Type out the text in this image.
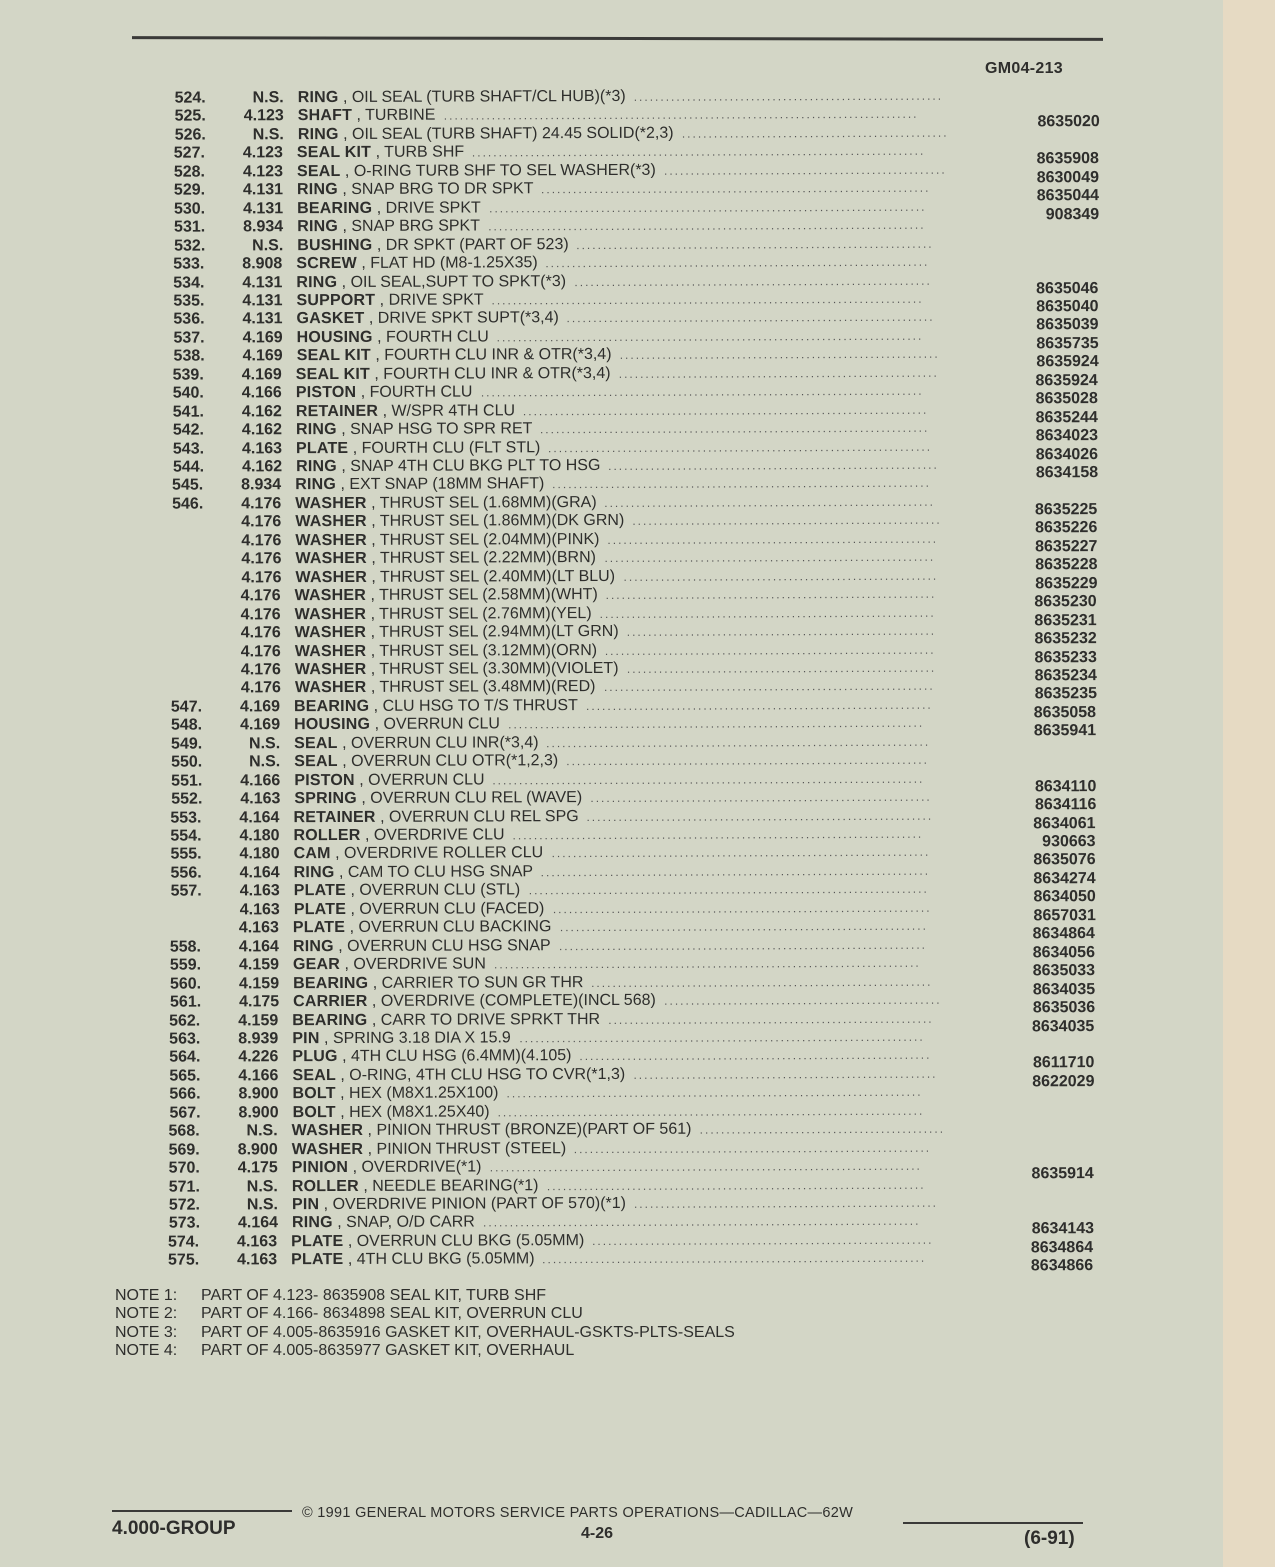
GM04-213
524.	N.S. RING , OIL SEAL (TURB SHAFT/CL HUB)(*3) ..........................................................
525.	4.123 SHAFT , TURBINE .........................................................................................	8635020
526.	N.S. RING , OIL SEAL (TURB SHAFT) 24.45 SOLID(*2,3) ..................................................
527.	4.123 SEAL KIT , TURB SHF .....................................................................................	8635908
528.	4.123 SEAL , O-RING TURB SHF TO SEL WASHER(*3) .....................................................	8630049
529.	4.131 RING , SNAP BRG TO DR SPKT .........................................................................	8635044
530.	4.131 BEARING , DRIVE SPKT ..................................................................................	908349
531.	8.934 RING , SNAP BRG SPKT ..................................................................................
532.	N.S. BUSHING , DR SPKT (PART OF 523) ...................................................................
533.	8.908 SCREW , FLAT HD (M8-1.25X35) ........................................................................
534.	4.131 RING , OIL SEAL,SUPT TO SPKT(*3) ...................................................................	8635046
535.	4.131 SUPPORT , DRIVE SPKT .................................................................................	8635040
536.	4.131 GASKET , DRIVE SPKT SUPT(*3,4) .....................................................................	8635039
537.	4.169 HOUSING , FOURTH CLU ................................................................................	8635735
538.	4.169 SEAL KIT , FOURTH CLU INR & OTR(*3,4) ............................................................	8635924
539.	4.169 SEAL KIT , FOURTH CLU INR & OTR(*3,4) ............................................................	8635924
540.	4.166 PISTON , FOURTH CLU ...................................................................................	8635028
541.	4.162 RETAINER , W/SPR 4TH CLU ............................................................................	8635244
542.	4.162 RING , SNAP HSG TO SPR RET .........................................................................	8634023
543.	4.163 PLATE , FOURTH CLU (FLT STL) ........................................................................	8634026
544.	4.162 RING , SNAP 4TH CLU BKG PLT TO HSG ..............................................................	8634158
545.	8.934 RING , EXT SNAP (18MM SHAFT) .......................................................................
546.	4.176 WASHER , THRUST SEL (1.68MM)(GRA) ..............................................................	8635225
4.176 WASHER , THRUST SEL (1.86MM)(DK GRN) ..........................................................	8635226
4.176 WASHER , THRUST SEL (2.04MM)(PINK) ..............................................................	8635227
4.176 WASHER , THRUST SEL (2.22MM)(BRN) ..............................................................	8635228
4.176 WASHER , THRUST SEL (2.40MM)(LT BLU) ...........................................................	8635229
4.176 WASHER , THRUST SEL (2.58MM)(WHT) ..............................................................	8635230
4.176 WASHER , THRUST SEL (2.76MM)(YEL) ...............................................................	8635231
4.176 WASHER , THRUST SEL (2.94MM)(LT GRN) ..........................................................	8635232
4.176 WASHER , THRUST SEL (3.12MM)(ORN) ..............................................................	8635233
4.176 WASHER , THRUST SEL (3.30MM)(VIOLET) ..........................................................	8635234
4.176 WASHER , THRUST SEL (3.48MM)(RED) ..............................................................	8635235
547.	4.169 BEARING , CLU HSG TO T/S THRUST .................................................................	8635058
548.	4.169 HOUSING , OVERRUN CLU ..............................................................................	8635941
549.	N.S. SEAL , OVERRUN CLU INR(*3,4) ........................................................................
550.	N.S. SEAL , OVERRUN CLU OTR(*1,2,3) ....................................................................
551.	4.166 PISTON , OVERRUN CLU .................................................................................	8634110
552.	4.163 SPRING , OVERRUN CLU REL (WAVE) ................................................................	8634116
553.	4.164 RETAINER , OVERRUN CLU REL SPG .................................................................	8634061
554.	4.180 ROLLER , OVERDRIVE CLU .............................................................................	930663
555.	4.180 CAM , OVERDRIVE ROLLER CLU .......................................................................	8635076
556.	4.164 RING , CAM TO CLU HSG SNAP .........................................................................	8634274
557.	4.163 PLATE , OVERRUN CLU (STL) ...........................................................................	8634050
4.163 PLATE , OVERRUN CLU (FACED) .......................................................................	8657031
4.163 PLATE , OVERRUN CLU BACKING .....................................................................	8634864
558.	4.164 RING , OVERRUN CLU HSG SNAP .....................................................................	8634056
559.	4.159 GEAR , OVERDRIVE SUN ................................................................................	8635033
560.	4.159 BEARING , CARRIER TO SUN GR THR ................................................................	8634035
561.	4.175 CARRIER , OVERDRIVE (COMPLETE)(INCL 568) ....................................................	8635036
562.	4.159 BEARING , CARR TO DRIVE SPRKT THR .............................................................	8634035
563.	8.939 PIN , SPRING 3.18 DIA X 15.9 ............................................................................
564.	4.226 PLUG , 4TH CLU HSG (6.4MM)(4.105) ..................................................................	8611710
565.	4.166 SEAL , O-RING, 4TH CLU HSG TO CVR(*1,3) .........................................................	8622029
566.	8.900 BOLT , HEX (M8X1.25X100) ..............................................................................
567.	8.900 BOLT , HEX (M8X1.25X40) ................................................................................
568.	N.S. WASHER , PINION THRUST (BRONZE)(PART OF 561) ..............................................
569.	8.900 WASHER , PINION THRUST (STEEL) ...................................................................
570.	4.175 PINION , OVERDRIVE(*1) .................................................................................	8635914
571.	N.S. ROLLER , NEEDLE BEARING(*1) .......................................................................
572.	N.S. PIN , OVERDRIVE PINION (PART OF 570)(*1) .........................................................
573.	4.164 RING , SNAP, O/D CARR ..................................................................................	8634143
574.	4.163 PLATE , OVERRUN CLU BKG (5.05MM) ................................................................	8634864
575.	4.163 PLATE , 4TH CLU BKG (5.05MM) ........................................................................	8634866
NOTE 1: PART OF 4.123- 8635908 SEAL KIT, TURB SHF
NOTE 2: PART OF 4.166- 8634898 SEAL KIT, OVERRUN CLU
NOTE 3: PART OF 4.005-8635916 GASKET KIT, OVERHAUL-GSKTS-PLTS-SEALS
NOTE 4: PART OF 4.005-8635977 GASKET KIT, OVERHAUL
© 1991 GENERAL MOTORS SERVICE PARTS OPERATIONS—CADILLAC—62W
4.000-GROUP	4-26	(6-91)
